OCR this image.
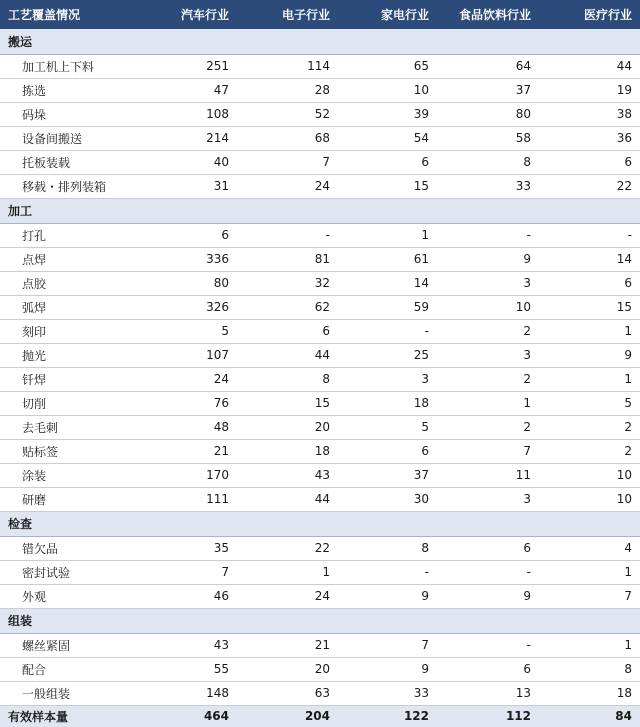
工艺覆盖情况	汽车行业	电子行业	家电行业	食品饮料行业	医疗行业
搬运					
加工机上下料	251	114	65	64	44
拣选	47	28	10	37	19
码垛	108	52	39	80	38
设备间搬送	214	68	54	58	36
托板装载	40	7	6	8	6
移载・排列装箱	31	24	15	33	22
加工					
打孔	6	-	1	-	-
点焊	336	81	61	9	14
点胶	80	32	14	3	6
弧焊	326	62	59	10	15
刻印	5	6	-	2	1
抛光	107	44	25	3	9
钎焊	24	8	3	2	1
切削	76	15	18	1	5
去毛刺	48	20	5	2	2
贴标签	21	18	6	7	2
涂装	170	43	37	11	10
研磨	111	44	30	3	10
检查					
错欠品	35	22	8	6	4
密封试验	7	1	-	-	1
外观	46	24	9	9	7
组装					
螺丝紧固	43	21	7	-	1
配合	55	20	9	6	8
一般组装	148	63	33	13	18
有效样本量	464	204	122	112	84
